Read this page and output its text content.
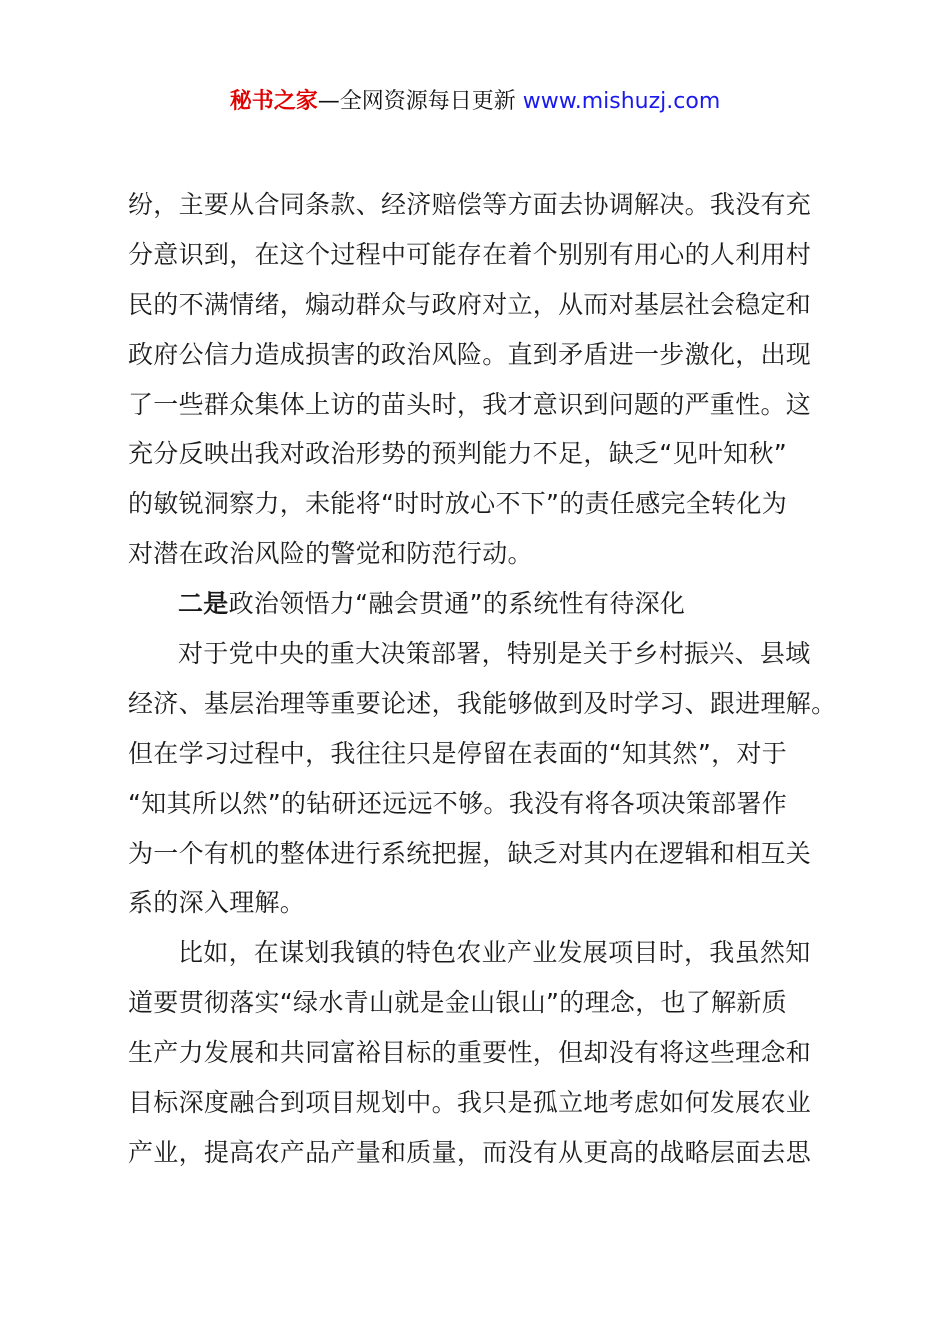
秘书之家—全网资源每日更新 www.mishuzj.com
纷，主要从合同条款、经济赔偿等方面去协调解决。我没有充
分意识到，在这个过程中可能存在着个别别有用心的人利用村
民的不满情绪，煽动群众与政府对立，从而对基层社会稳定和
政府公信力造成损害的政治风险。直到矛盾进一步激化，出现
了一些群众集体上访的苗头时，我才意识到问题的严重性。这
充分反映出我对政治形势的预判能力不足，缺乏“见叶知秋”
的敏锐洞察力，未能将“时时放心不下”的责任感完全转化为
对潜在政治风险的警觉和防范行动。
二是政治领悟力“融会贯通”的系统性有待深化
对于党中央的重大决策部署，特别是关于乡村振兴、县域
经济、基层治理等重要论述，我能够做到及时学习、跟进理解。
但在学习过程中，我往往只是停留在表面的“知其然”，对于
“知其所以然”的钻研还远远不够。我没有将各项决策部署作
为一个有机的整体进行系统把握，缺乏对其内在逻辑和相互关
系的深入理解。
比如，在谋划我镇的特色农业产业发展项目时，我虽然知
道要贯彻落实“绿水青山就是金山银山”的理念，也了解新质
生产力发展和共同富裕目标的重要性，但却没有将这些理念和
目标深度融合到项目规划中。我只是孤立地考虑如何发展农业
产业，提高农产品产量和质量，而没有从更高的战略层面去思
